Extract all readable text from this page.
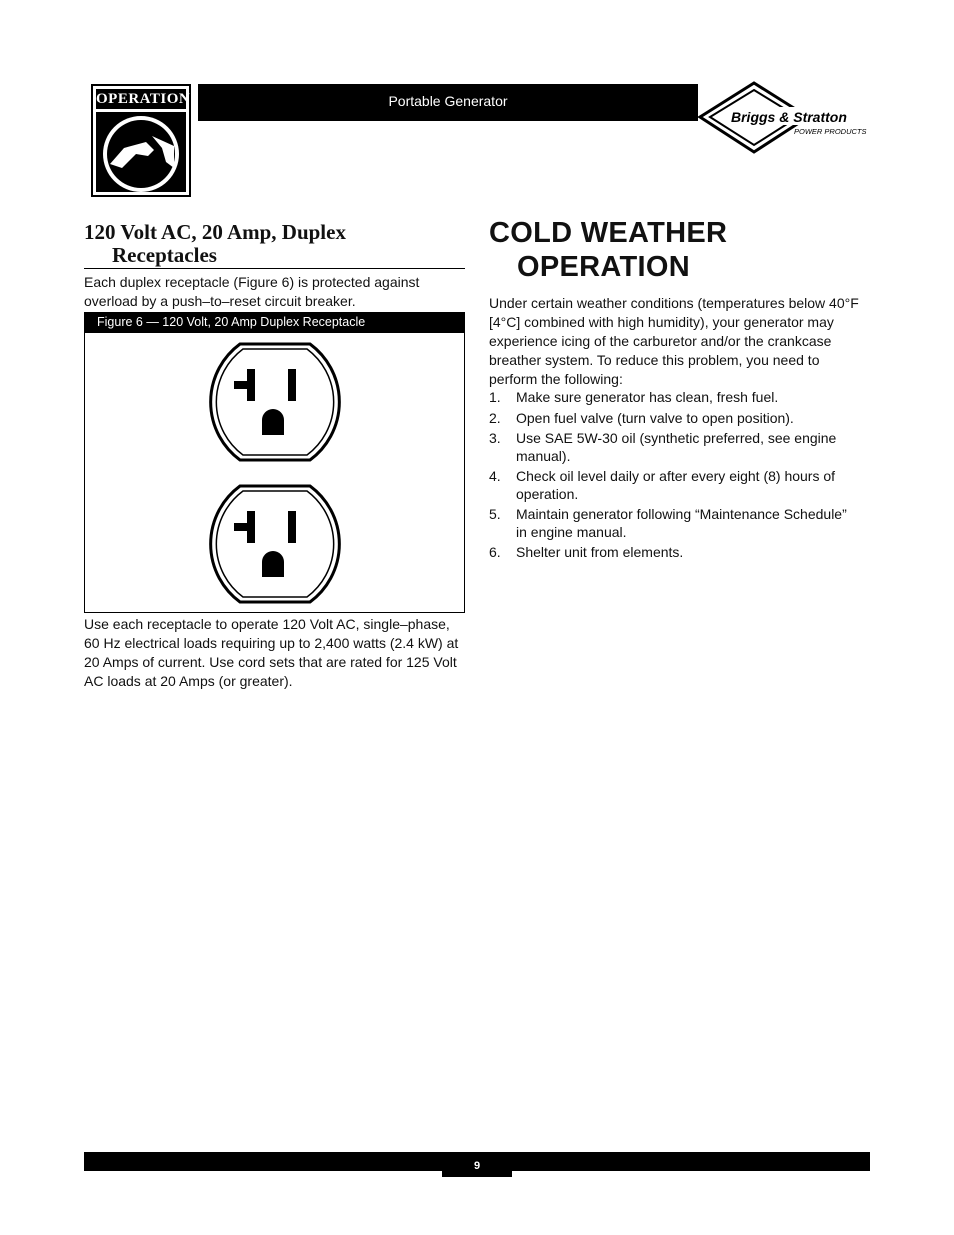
OPERATION	Portable Generator
Briggs & Stratton
POWER PRODUCTS
120 Volt AC, 20 Amp, Duplex
Receptacles
Each duplex receptacle (Figure 6) is protected against overload by a push–to–reset circuit breaker.
Figure 6 — 120 Volt, 20 Amp Duplex Receptacle
Use each receptacle to operate 120 Volt AC, single–phase, 60 Hz electrical loads requiring up to 2,400 watts (2.4 kW) at 20 Amps of current. Use cord sets that are rated for 125 Volt AC loads at 20 Amps (or greater).
COLD WEATHER
OPERATION
Under certain weather conditions (temperatures below 40°F [4°C] combined with high humidity), your generator may experience icing of the carburetor and/or the crankcase breather system. To reduce this problem, you need to perform the following:
1. Make sure generator has clean, fresh fuel.
2. Open fuel valve (turn valve to open position).
3. Use SAE 5W-30 oil (synthetic preferred, see engine manual).
4. Check oil level daily or after every eight (8) hours of operation.
5. Maintain generator following “Maintenance Schedule” in engine manual.
6. Shelter unit from elements.
9
